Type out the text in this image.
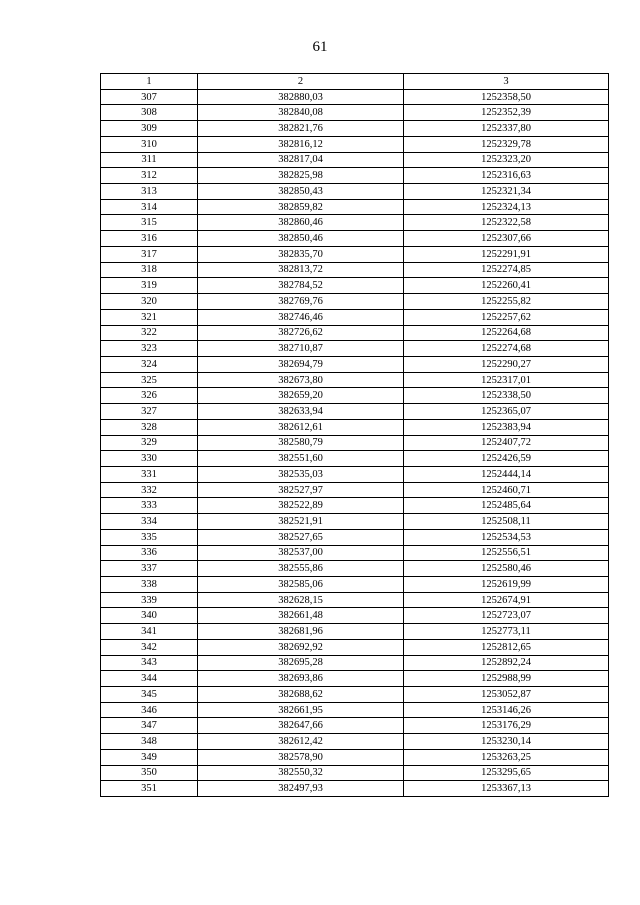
61
1	2	3
307	382880,03	1252358,50
308	382840,08	1252352,39
309	382821,76	1252337,80
310	382816,12	1252329,78
311	382817,04	1252323,20
312	382825,98	1252316,63
313	382850,43	1252321,34
314	382859,82	1252324,13
315	382860,46	1252322,58
316	382850,46	1252307,66
317	382835,70	1252291,91
318	382813,72	1252274,85
319	382784,52	1252260,41
320	382769,76	1252255,82
321	382746,46	1252257,62
322	382726,62	1252264,68
323	382710,87	1252274,68
324	382694,79	1252290,27
325	382673,80	1252317,01
326	382659,20	1252338,50
327	382633,94	1252365,07
328	382612,61	1252383,94
329	382580,79	1252407,72
330	382551,60	1252426,59
331	382535,03	1252444,14
332	382527,97	1252460,71
333	382522,89	1252485,64
334	382521,91	1252508,11
335	382527,65	1252534,53
336	382537,00	1252556,51
337	382555,86	1252580,46
338	382585,06	1252619,99
339	382628,15	1252674,91
340	382661,48	1252723,07
341	382681,96	1252773,11
342	382692,92	1252812,65
343	382695,28	1252892,24
344	382693,86	1252988,99
345	382688,62	1253052,87
346	382661,95	1253146,26
347	382647,66	1253176,29
348	382612,42	1253230,14
349	382578,90	1253263,25
350	382550,32	1253295,65
351	382497,93	1253367,13
